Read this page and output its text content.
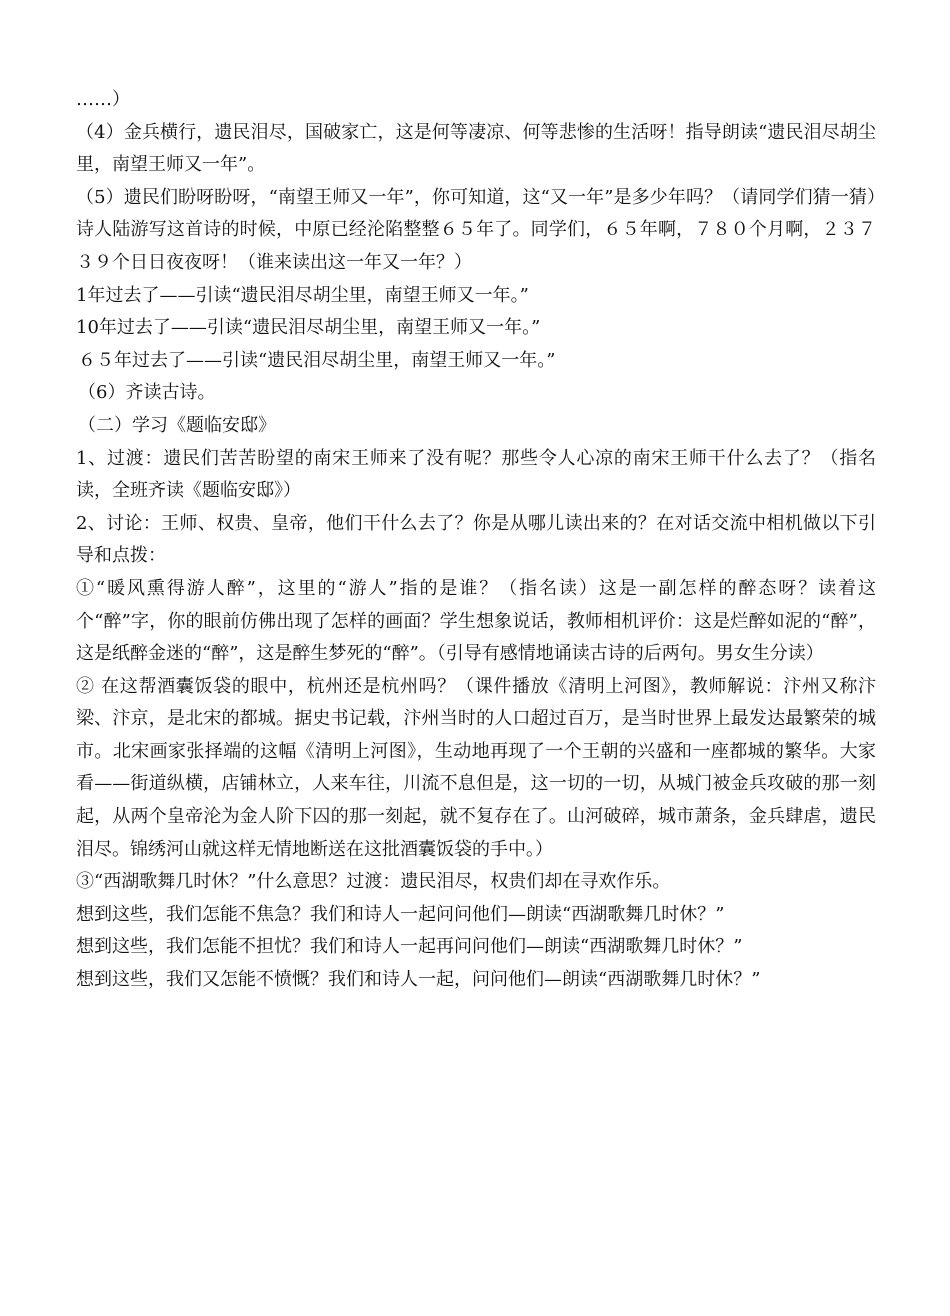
……）

（4）金兵横行，遗民泪尽，国破家亡，这是何等凄凉、何等悲惨的生活呀！指导朗读“遗民泪尽胡尘里，南望王师又一年”。

（5）遗民们盼呀盼呀，“南望王师又一年”，你可知道，这“又一年”是多少年吗？（请同学们猜一猜）诗人陆游写这首诗的时候，中原已经沦陷整整６５年了。同学们，６５年啊，７８０个月啊，２３７３９个日日夜夜呀！（谁来读出这一年又一年？）

1年过去了——引读“遗民泪尽胡尘里，南望王师又一年。”

10年过去了——引读“遗民泪尽胡尘里，南望王师又一年。”

６５年过去了——引读“遗民泪尽胡尘里，南望王师又一年。”

（6）齐读古诗。

（二）学习《题临安邸》

1、过渡：遗民们苦苦盼望的南宋王师来了没有呢？那些令人心凉的南宋王师干什么去了？（指名读，全班齐读《题临安邸》）

2、讨论：王师、权贵、皇帝，他们干什么去了？你是从哪儿读出来的？在对话交流中相机做以下引导和点拨：

①“暖风熏得游人醉”，这里的“游人”指的是谁？（指名读）这是一副怎样的醉态呀？读着这个“醉”字，你的眼前仿佛出现了怎样的画面？学生想象说话，教师相机评价：这是烂醉如泥的“醉”，这是纸醉金迷的“醉”，这是醉生梦死的“醉”。（引导有感情地诵读古诗的后两句。男女生分读）

② 在这帮酒囊饭袋的眼中，杭州还是杭州吗？（课件播放《清明上河图》，教师解说：汴州又称汴梁、汴京，是北宋的都城。据史书记载，汴州当时的人口超过百万，是当时世界上最发达最繁荣的城市。北宋画家张择端的这幅《清明上河图》，生动地再现了一个王朝的兴盛和一座都城的繁华。大家看——街道纵横，店铺林立，人来车往，川流不息但是，这一切的一切，从城门被金兵攻破的那一刻起，从两个皇帝沦为金人阶下囚的那一刻起，就不复存在了。山河破碎，城市萧条，金兵肆虐，遗民泪尽。锦绣河山就这样无情地断送在这批酒囊饭袋的手中。）

③“西湖歌舞几时休？”什么意思？过渡：遗民泪尽，权贵们却在寻欢作乐。

想到这些，我们怎能不焦急？我们和诗人一起问问他们—朗读“西湖歌舞几时休？”

想到这些，我们怎能不担忧？我们和诗人一起再问问他们—朗读“西湖歌舞几时休？”

想到这些，我们又怎能不愤慨？我们和诗人一起，问问他们—朗读“西湖歌舞几时休？”
